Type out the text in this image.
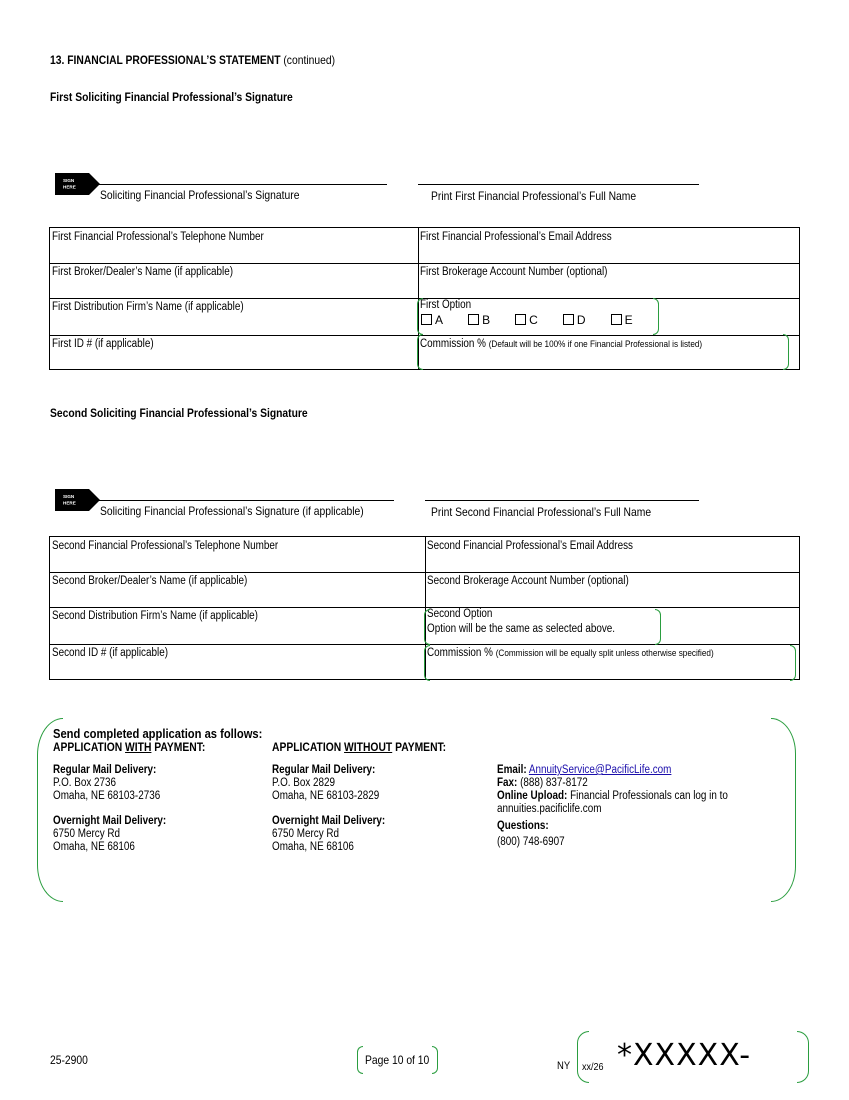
13. FINANCIAL PROFESSIONAL’S STATEMENT (continued)
First Soliciting Financial Professional’s Signature
SIGN
HERE
Soliciting Financial Professional’s Signature	Print First Financial Professional’s Full Name
First Financial Professional’s Telephone Number	First Financial Professional’s Email Address
First Broker/Dealer’s Name (if applicable)	First Brokerage Account Number (optional)
First Distribution Firm’s Name (if applicable)	First Option
A	B	C	D	E
First ID # (if applicable)	Commission % (Default will be 100% if one Financial Professional is listed)
Second Soliciting Financial Professional’s Signature
SIGN
HERE
Soliciting Financial Professional’s Signature (if applicable)	Print Second Financial Professional’s Full Name
Second Financial Professional’s Telephone Number	Second Financial Professional’s Email Address
Second Broker/Dealer’s Name (if applicable)	Second Brokerage Account Number (optional)
Second Distribution Firm’s Name (if applicable)	Second Option
Option will be the same as selected above.
Second ID # (if applicable)	Commission % (Commission will be equally split unless otherwise specified)
Send completed application as follows:
APPLICATION WITH PAYMENT:	APPLICATION WITHOUT PAYMENT:
Regular Mail Delivery:
P.O. Box 2736
Omaha, NE 68103-2736
Overnight Mail Delivery:
6750 Mercy Rd
Omaha, NE 68106
Regular Mail Delivery:
P.O. Box 2829
Omaha, NE 68103-2829
Overnight Mail Delivery:
6750 Mercy Rd
Omaha, NE 68106
Email: AnnuityService@PacificLife.com
Fax: (888) 837-8172
Online Upload: Financial Professionals can log in to
annuities.pacificlife.com
Questions:
(800) 748-6907
25-2900	Page 10 of 10	NY xx/26 *XXXXX-
